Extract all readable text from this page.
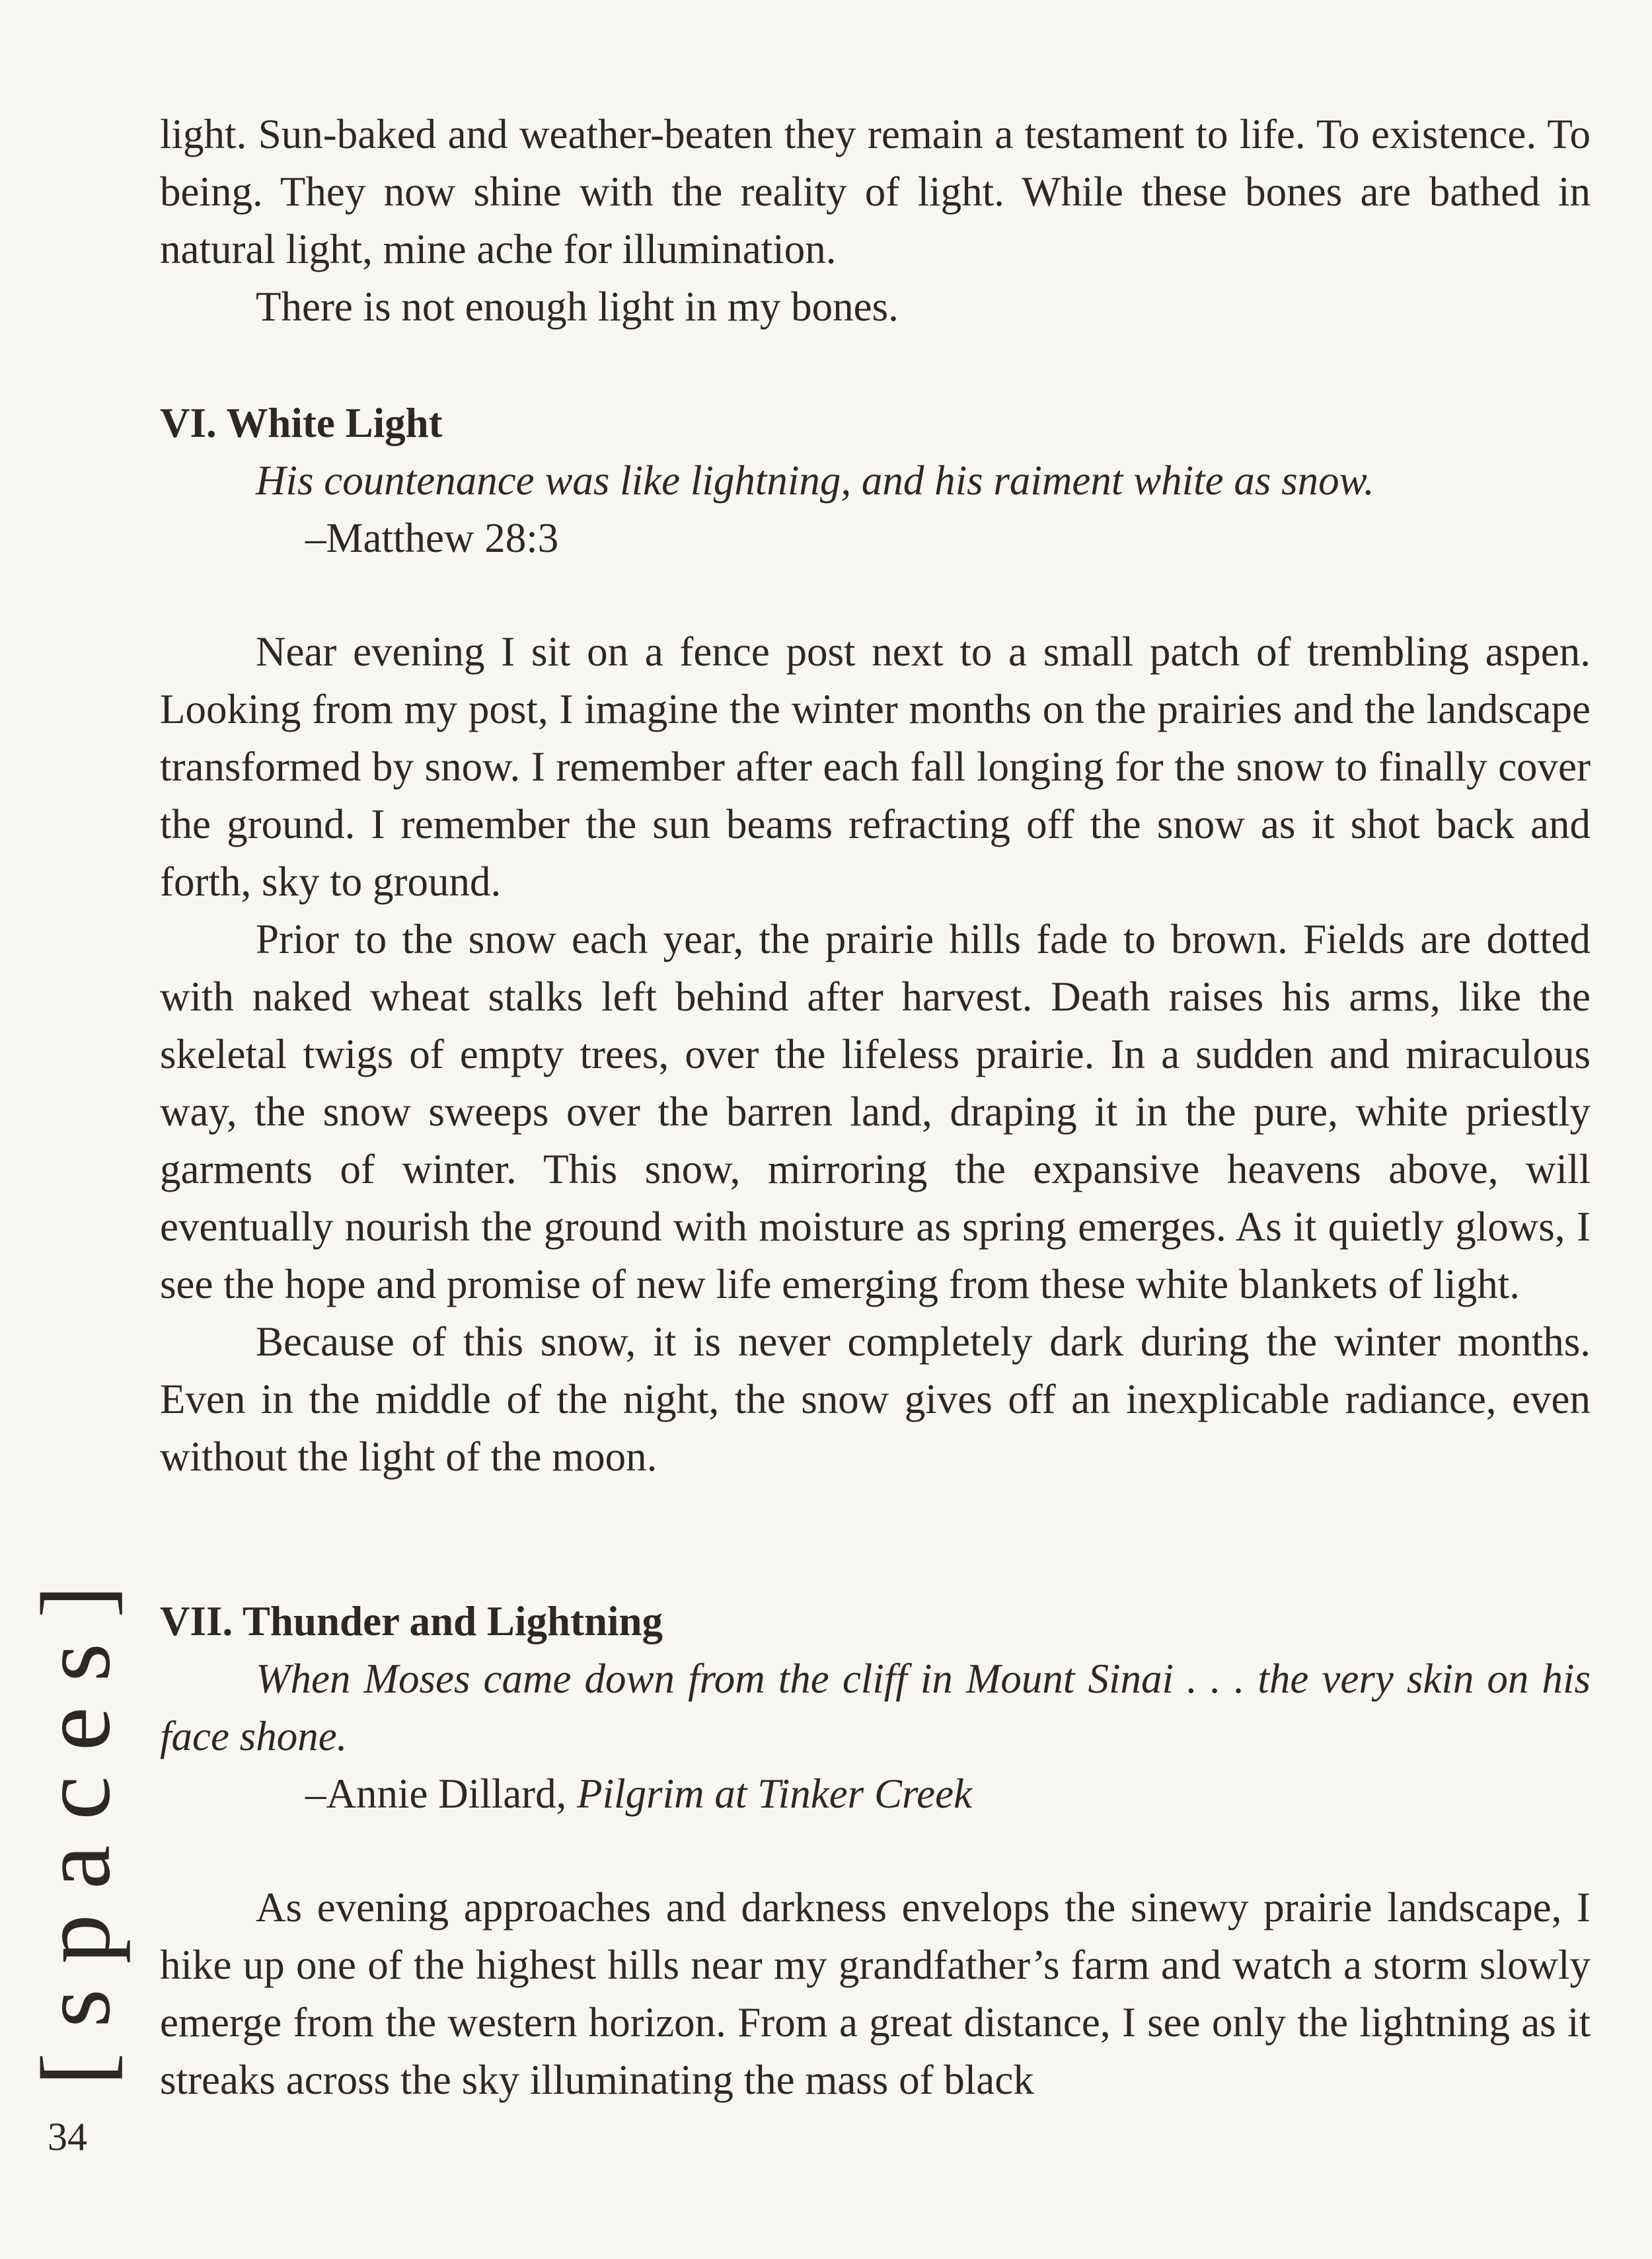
light. Sun-baked and weather-beaten they remain a testament to life. To existence. To being. They now shine with the reality of light. While these bones are bathed in natural light, mine ache for illumination.

There is not enough light in my bones.

VI. White Light

His countenance was like lightning, and his raiment white as snow.

–Matthew 28:3

Near evening I sit on a fence post next to a small patch of trembling aspen. Looking from my post, I imagine the winter months on the prairies and the landscape transformed by snow. I remember after each fall longing for the snow to finally cover the ground. I remember the sun beams refracting off the snow as it shot back and forth, sky to ground.

Prior to the snow each year, the prairie hills fade to brown. Fields are dotted with naked wheat stalks left behind after harvest. Death raises his arms, like the skeletal twigs of empty trees, over the lifeless prairie. In a sudden and miraculous way, the snow sweeps over the barren land, draping it in the pure, white priestly garments of winter. This snow, mirroring the expansive heavens above, will eventually nourish the ground with moisture as spring emerges. As it quietly glows, I see the hope and promise of new life emerging from these white blankets of light.

Because of this snow, it is never completely dark during the winter months. Even in the middle of the night, the snow gives off an inexplicable radiance, even without the light of the moon.

VII. Thunder and Lightning

When Moses came down from the cliff in Mount Sinai . . . the very skin on his face shone.

–Annie Dillard, Pilgrim at Tinker Creek

As evening approaches and darkness envelops the sinewy prairie landscape, I hike up one of the highest hills near my grandfather’s farm and watch a storm slowly emerge from the western horizon. From a great distance, I see only the lightning as it streaks across the sky illuminating the mass of black

[spaces]

34
